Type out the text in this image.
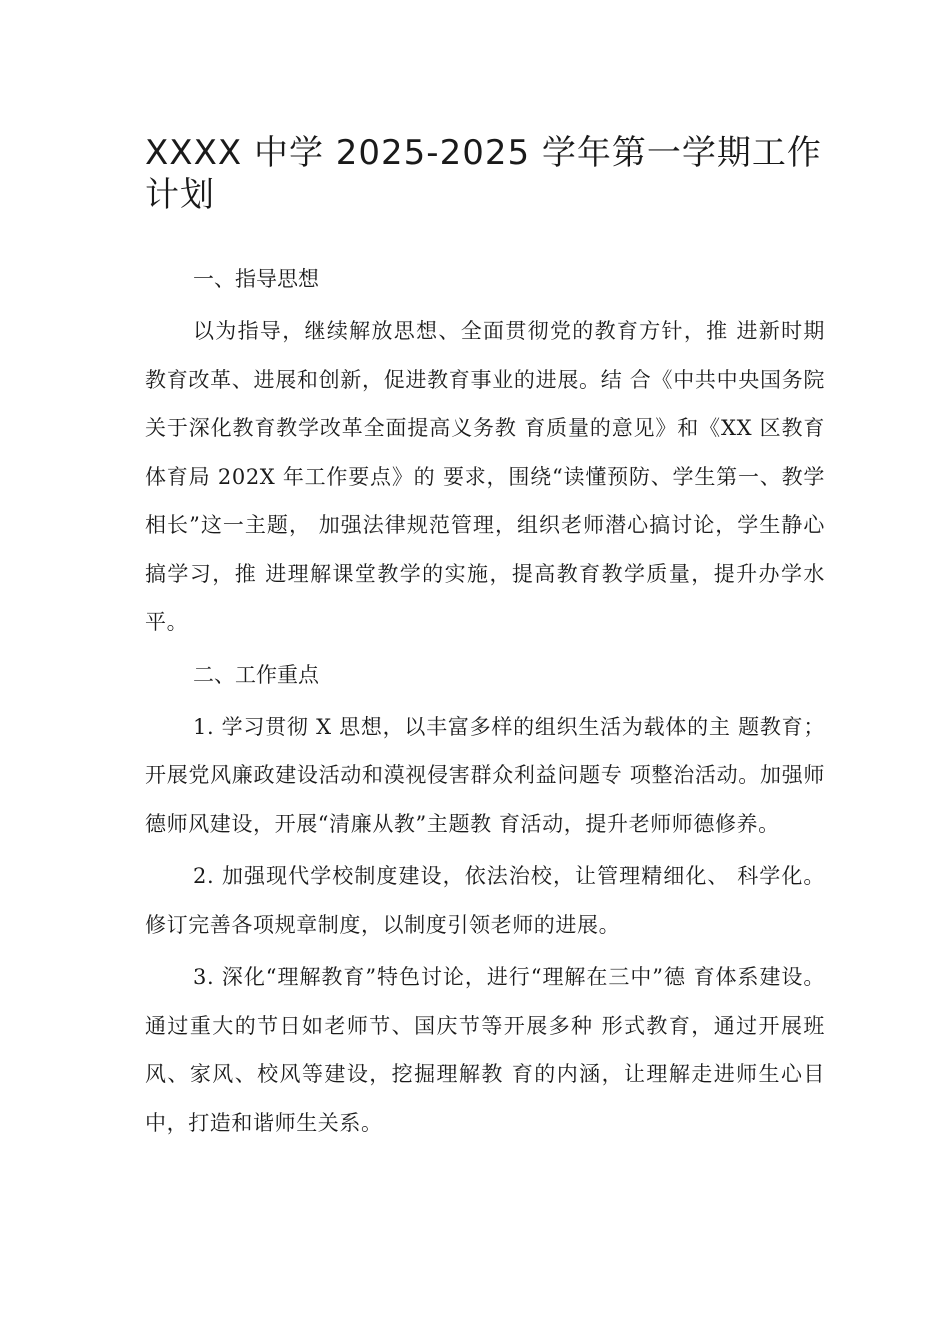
XXXX 中学 2025-2025 学年第一学期工作计划
一、指导思想

以为指导，继续解放思想、全面贯彻党的教育方针，推 进新时期教育改革、进展和创新，促进教育事业的进展。结 合《中共中央国务院关于深化教育教学改革全面提高义务教 育质量的意见》和《XX 区教育体育局 202X 年工作要点》的 要求，围绕“读懂预防、学生第一、教学相长”这一主题， 加强法律规范管理，组织老师潜心搞讨论，学生静心搞学习，推 进理解课堂教学的实施，提高教育教学质量，提升办学水平。

二、工作重点

1. 学习贯彻 X 思想，以丰富多样的组织生活为载体的主 题教育；开展党风廉政建设活动和漠视侵害群众利益问题专 项整治活动。加强师德师风建设，开展“清廉从教”主题教 育活动，提升老师师德修养。

2. 加强现代学校制度建设，依法治校，让管理精细化、 科学化。修订完善各项规章制度，以制度引领老师的进展。

3. 深化“理解教育”特色讨论，进行“理解在三中”德 育体系建设。通过重大的节日如老师节、国庆节等开展多种 形式教育，通过开展班风、家风、校风等建设，挖掘理解教 育的内涵，让理解走进师生心目中，打造和谐师生关系。
